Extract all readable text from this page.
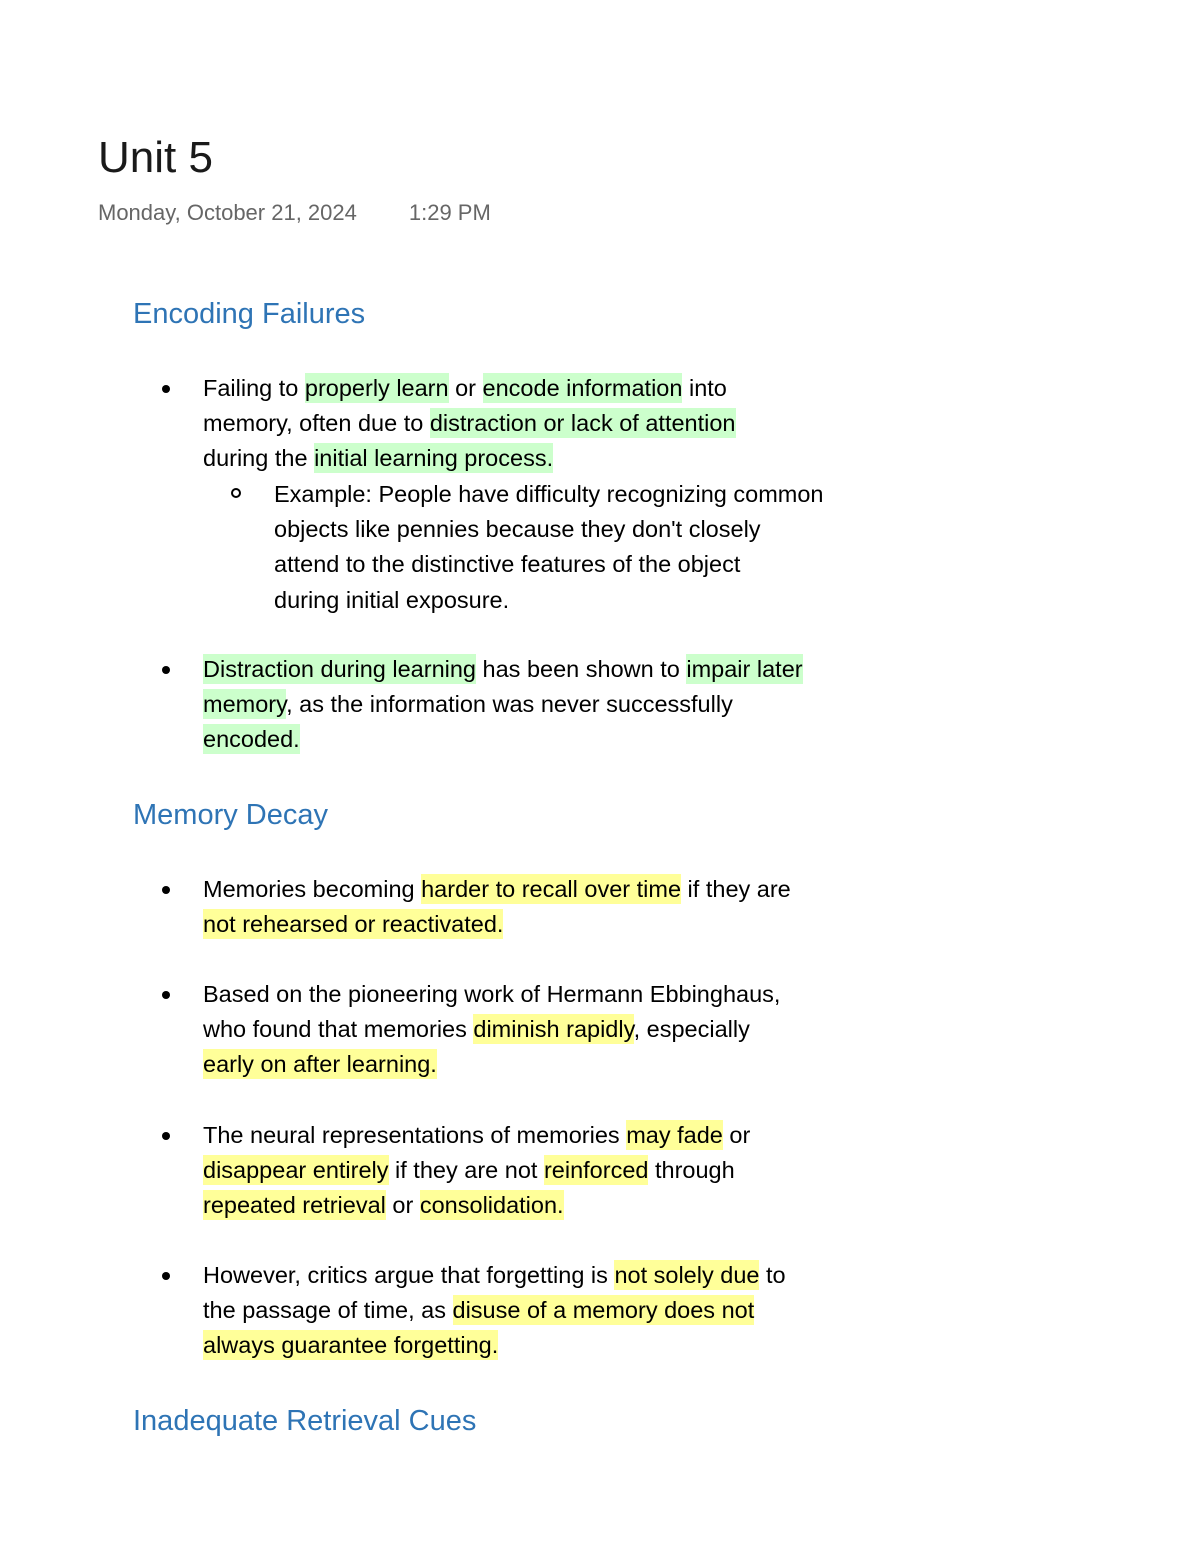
Unit 5
Monday, October 21, 2024 1:29 PM
Encoding Failures
Failing to properly learn or encode information into
memory, often due to distraction or lack of attention
during the initial learning process.
Example: People have difficulty recognizing common
objects like pennies because they don't closely
attend to the distinctive features of the object
during initial exposure.
Distraction during learning has been shown to impair later
memory, as the information was never successfully
encoded.
Memory Decay
Memories becoming harder to recall over time if they are
not rehearsed or reactivated.
Based on the pioneering work of Hermann Ebbinghaus,
who found that memories diminish rapidly, especially
early on after learning.
The neural representations of memories may fade or
disappear entirely if they are not reinforced through
repeated retrieval or consolidation.
However, critics argue that forgetting is not solely due to
the passage of time, as disuse of a memory does not
always guarantee forgetting.
Inadequate Retrieval Cues
